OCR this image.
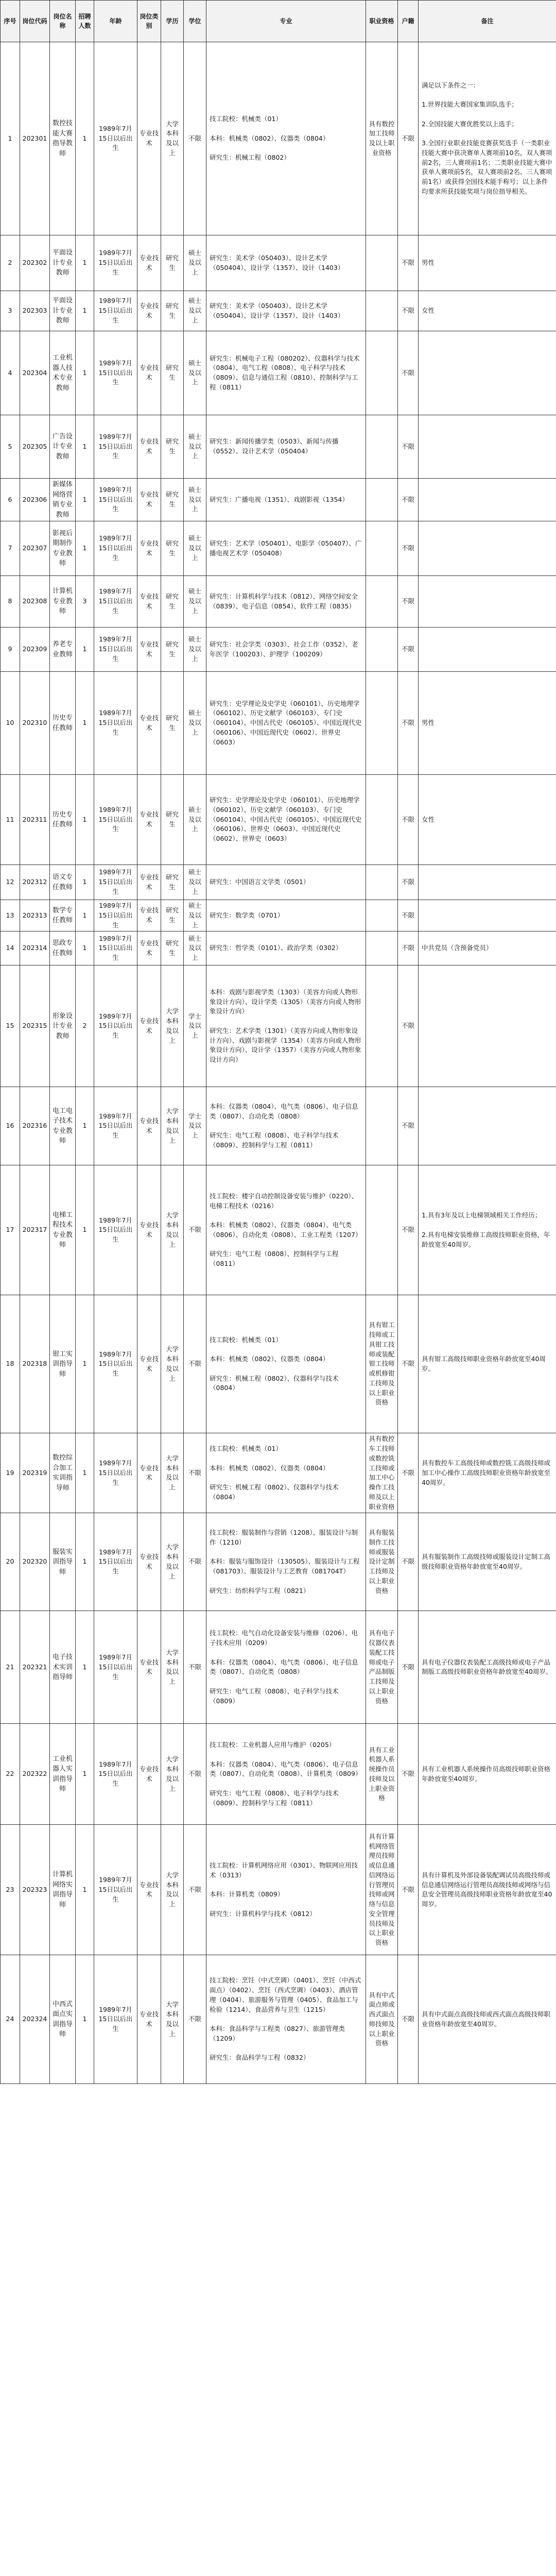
序号	岗位代码	岗位名称	招聘人数	年龄	岗位类别	学历	学位	专业	职业资格	户籍	备注
1	202301	数控技能大赛指导教师	1	1989年7月15日以后出生	专业技术	大学本科及以上	不限	技工院校：机械类（01）

本科：机械类（0802）、仪器类（0804）

研究生：机械工程（0802）	具有数控加工技师及以上职业资格	不限	满足以下条件之一：

1.世界技能大赛国家集训队选手；

2.全国技能大赛优胜奖以上选手；

3.全国行业职业技能竞赛获奖选手（一类职业技能大赛中获决赛单人赛项前10名，双人赛项前2名，三人赛项前1名；二类职业技能大赛中获单人赛项前5名，双人赛项前2名、三人赛项前1名）或获得全国技术能手称号；以上条件均要求所获技能奖项与岗位指导相关。
2	202302	平面设计专业教师	1	1989年7月15日以后出生	专业技术	研究生	硕士及以上	研究生：美术学（050403）、设计艺术学（050404）、设计学（1357）、设计（1403）		不限	男性
3	202303	平面设计专业教师	1	1989年7月15日以后出生	专业技术	研究生	硕士及以上	研究生：美术学（050403）、设计艺术学（050404）、设计学（1357）、设计（1403）		不限	女性
4	202304	工业机器人技术专业教师	1	1989年7月15日以后出生	专业技术	研究生	硕士及以上	研究生：机械电子工程（080202）、仪器科学与技术（0804）、电气工程（0808）、电子科学与技术（0809）、信息与通信工程（0810）、控制科学与工程（0811）		不限	
5	202305	广告设计专业教师	1	1989年7月15日以后出生	专业技术	研究生	硕士及以上	研究生：新闻传播学类（0503）、新闻与传播（0552）、设计艺术学（050404）		不限	
6	202306	新媒体网络营销专业教师	1	1989年7月15日以后出生	专业技术	研究生	硕士及以上	研究生：广播电视（1351）、戏剧影视（1354）		不限	
7	202307	影视后期制作专业教师	1	1989年7月15日以后出生	专业技术	研究生	硕士及以上	研究生：艺术学（050401）、电影学（050407）、广播电视艺术学（050408）		不限	
8	202308	计算机专业教师	3	1989年7月15日以后出生	专业技术	研究生	硕士及以上	研究生：计算机科学与技术（0812）、网络空间安全（0839）、电子信息（0854）、软件工程（0835）		不限	
9	202309	养老专业教师	1	1989年7月15日以后出生	专业技术	研究生	硕士及以上	研究生：社会学类（0303）、社会工作（0352）、老年医学（100203）、护理学（100209）		不限	
10	202310	历史专任教师	1	1989年7月15日以后出生	专业技术	研究生	硕士及以上	研究生：史学理论及史学史（060101）、历史地理学（060102）、历史文献学（060103）、专门史（060104）、中国古代史（060105）、中国近现代史（060106）、中国近现代史（0602）、世界史（0603）		不限	男性
11	202311	历史专任教师	1	1989年7月15日以后出生	专业技术	研究生	硕士及以上	研究生：史学理论及史学史（060101）、历史地理学（060102）、历史文献学（060103）、专门史（060104）、中国古代史（060105）、中国近现代史（060106）、世界史（0603）、中国近现代史（0602）、世界史（0603）		不限	女性
12	202312	语文专任教师	1	1989年7月15日以后出生	专业技术	研究生	硕士及以上	研究生：中国语言文学类（0501）		不限	
13	202313	数学专任教师	1	1989年7月15日以后出生	专业技术	研究生	硕士及以上	研究生：数学类（0701）		不限	
14	202314	思政专任教师	1	1989年7月15日以后出生	专业技术	研究生	硕士及以上	研究生：哲学类（0101）、政治学类（0302）		不限	中共党员（含预备党员）
15	202315	形象设计专业教师	2	1989年7月15日以后出生	专业技术	大学本科及以上	学士及以上	本科：戏剧与影视学类（1303）（美容方向或人物形象设计方向）、设计学类（1305）（美容方向或人物形象设计方向）

研究生：艺术学类（1301）（美容方向或人物形象设计方向）、戏剧与影视学（1354）（美容方向或人物形象设计方向）、设计学（1357）（美容方向或人物形象设计方向）		不限	
16	202316	电工电子技术专业教师	1	1989年7月15日以后出生	专业技术	大学本科及以上	学士及以上	本科：仪器类（0804）、电气类（0806）、电子信息类（0807）、自动化类（0808）

研究生：电气工程（0808）、电子科学与技术（0809）、控制科学与工程（0811）		不限	
17	202317	电梯工程技术专业教师	1	1989年7月15日以后出生	专业技术	大学本科及以上	不限	技工院校：楼宇自动控制设备安装与维护（0220）、电梯工程技术（0216）

本科：机械类（0802）、仪器类（0804）、电气类（0806）、自动化类（0808）、工业工程类（1207）

研究生：电气工程（0808）、控制科学与工程（0811）		不限	1.具有3年及以上电梯领域相关工作经历；

2.具有电梯安装维修工高级技师职业资格，年龄放宽至40周岁。
18	202318	钳工实训指导师	1	1989年7月15日以后出生	专业技术	大学本科及以上	不限	技工院校：机械类（01）

本科：机械类（0802）、仪器类（0804）

研究生：机械工程（0802）、仪器科学与技术（0804）	具有钳工技师或工具钳工技师或装配钳工技师或机修钳工技师及以上职业资格	不限	具有钳工高级技师职业资格年龄放宽至40周岁。
19	202319	数控综合加工实训指导师	1	1989年7月15日以后出生	专业技术	大学本科及以上	不限	技工院校：机械类（01）

本科：机械类（0802）、仪器类（0804）

研究生：机械工程（0802）、仪器科学与技术（0804）	具有数控车工技师或数控铣工技师或加工中心操作工技师及以上职业资格	不限	具有数控车工高级技师或数控铣工高级技师或加工中心操作工高级技师职业资格年龄放宽至40周岁。
20	202320	服装实训指导师	1	1989年7月15日以后出生	专业技术	大学本科及以上	不限	技工院校：服装制作与营销（1208）、服装设计与制作（1210）

本科：服装与服饰设计（130505）、服装设计与工程（081703）、服装设计与工艺教育（081704T）

研究生：纺织科学与工程（0821）	具有服装制作工技师或服装设计定制工技师及以上职业资格	不限	具有服装制作工高级技师或服装设计定制工高级技师职业资格年龄放宽至40周岁。
21	202321	电子技术实训指导师	1	1989年7月15日以后出生	专业技术	大学本科及以上	不限	技工院校：电气自动化设备安装与维修（0206）、电子技术应用（0209）

本科：仪器类（0804）、电气类（0806）、电子信息类（0807）、自动化类（0808）

研究生：电气工程（0808）、电子科学与技术（0809）	具有电子仪器仪表装配工技师或电子产品制版工技师及以上职业资格	不限	具有电子仪器仪表装配工高级技师或电子产品制版工高级技师职业资格年龄放宽至40周岁。
22	202322	工业机器人实训指导师	1	1989年7月15日以后出生	专业技术	大学本科及以上	不限	技工院校：工业机器人应用与维护（0205）

本科：仪器类（0804）、电气类（0806）、电子信息类（0807）、自动化类（0808）、计算机类（0809）

研究生：电气工程（0808）、电子科学与技术（0809）、控制科学与工程（0811）	具有工业机器人系统操作员技师及以上职业资格	不限	具有工业机器人系统操作员高级技师职业资格年龄放宽至40周岁。
23	202323	计算机网络实训指导师	1	1989年7月15日以后出生	专业技术	大学本科及以上	不限	技工院校：计算机网络应用（0301）、物联网应用技术（0313）

本科：计算机类（0809）

研究生：计算机科学与技术（0812）	具有计算机网络管理员技师或信息通信网络运行管理员技师或网络与信息安全管理员技师及以上职业资格	不限	具有计算机及外部设备装配调试员高级技师或信息通信网络运行管理员高级技师或网络与信息安全管理员高级技师职业资格年龄放宽至40周岁。
24	202324	中西式面点实训指导师	1	1989年7月15日以后出生	专业技术	大学本科及以上	不限	技工院校：烹饪（中式烹调）（0401）、烹饪（中西式面点）（0402）、烹饪（西式烹调）（0403）、酒店管理（0404）、旅游服务与管理（0405）、食品加工与检验（1214）、食品营养与卫生（1215）

本科：食品科学与工程类（0827）、旅游管理类（1209）

研究生：食品科学与工程（0832）	具有中式面点师或西式面点师技师及以上职业资格	不限	具有中式面点高级技师或西式面点高级技师职业资格年龄放宽至40周岁。
